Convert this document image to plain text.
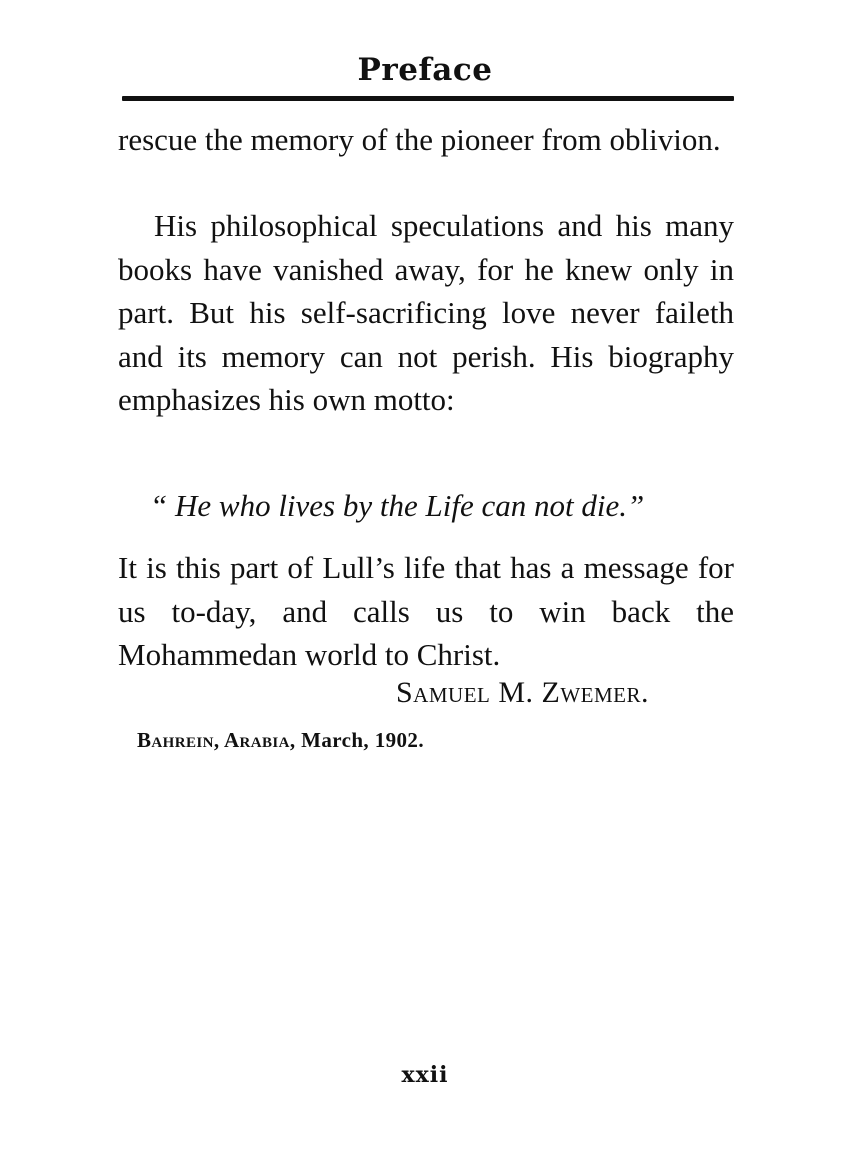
Preface

rescue the memory of the pioneer from oblivion.

His philosophical speculations and his many books have vanished away, for he knew only in part. But his self-sacrificing love never faileth and its memory can not perish. His biography emphasizes his own motto:

“ He who lives by the Life can not die.”

It is this part of Lull’s life that has a message for us to-day, and calls us to win back the Mohammedan world to Christ.

Samuel M. Zwemer.
Bahrein, Arabia, March, 1902.
xxii
